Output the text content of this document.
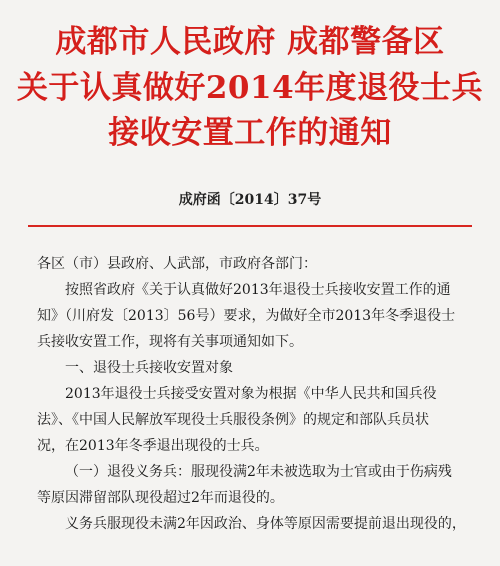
成都市人民政府 成都警备区
关于认真做好2014年度退役士兵
接收安置工作的通知
成府函〔2014〕37号
各区（市）县政府、人武部，市政府各部门：
按照省政府《关于认真做好2013年退役士兵接收安置工作的通
知》（川府发〔2013〕56号）要求，为做好全市2013年冬季退役士
兵接收安置工作，现将有关事项通知如下。
一、退役士兵接收安置对象
2013年退役士兵接受安置对象为根据《中华人民共和国兵役
法》、《中国人民解放军现役士兵服役条例》的规定和部队兵员状
况，在2013年冬季退出现役的士兵。
（一）退役义务兵：服现役满2年未被选取为士官或由于伤病残
等原因滞留部队现役超过2年而退役的。
义务兵服现役未满2年因政治、身体等原因需要提前退出现役的，
